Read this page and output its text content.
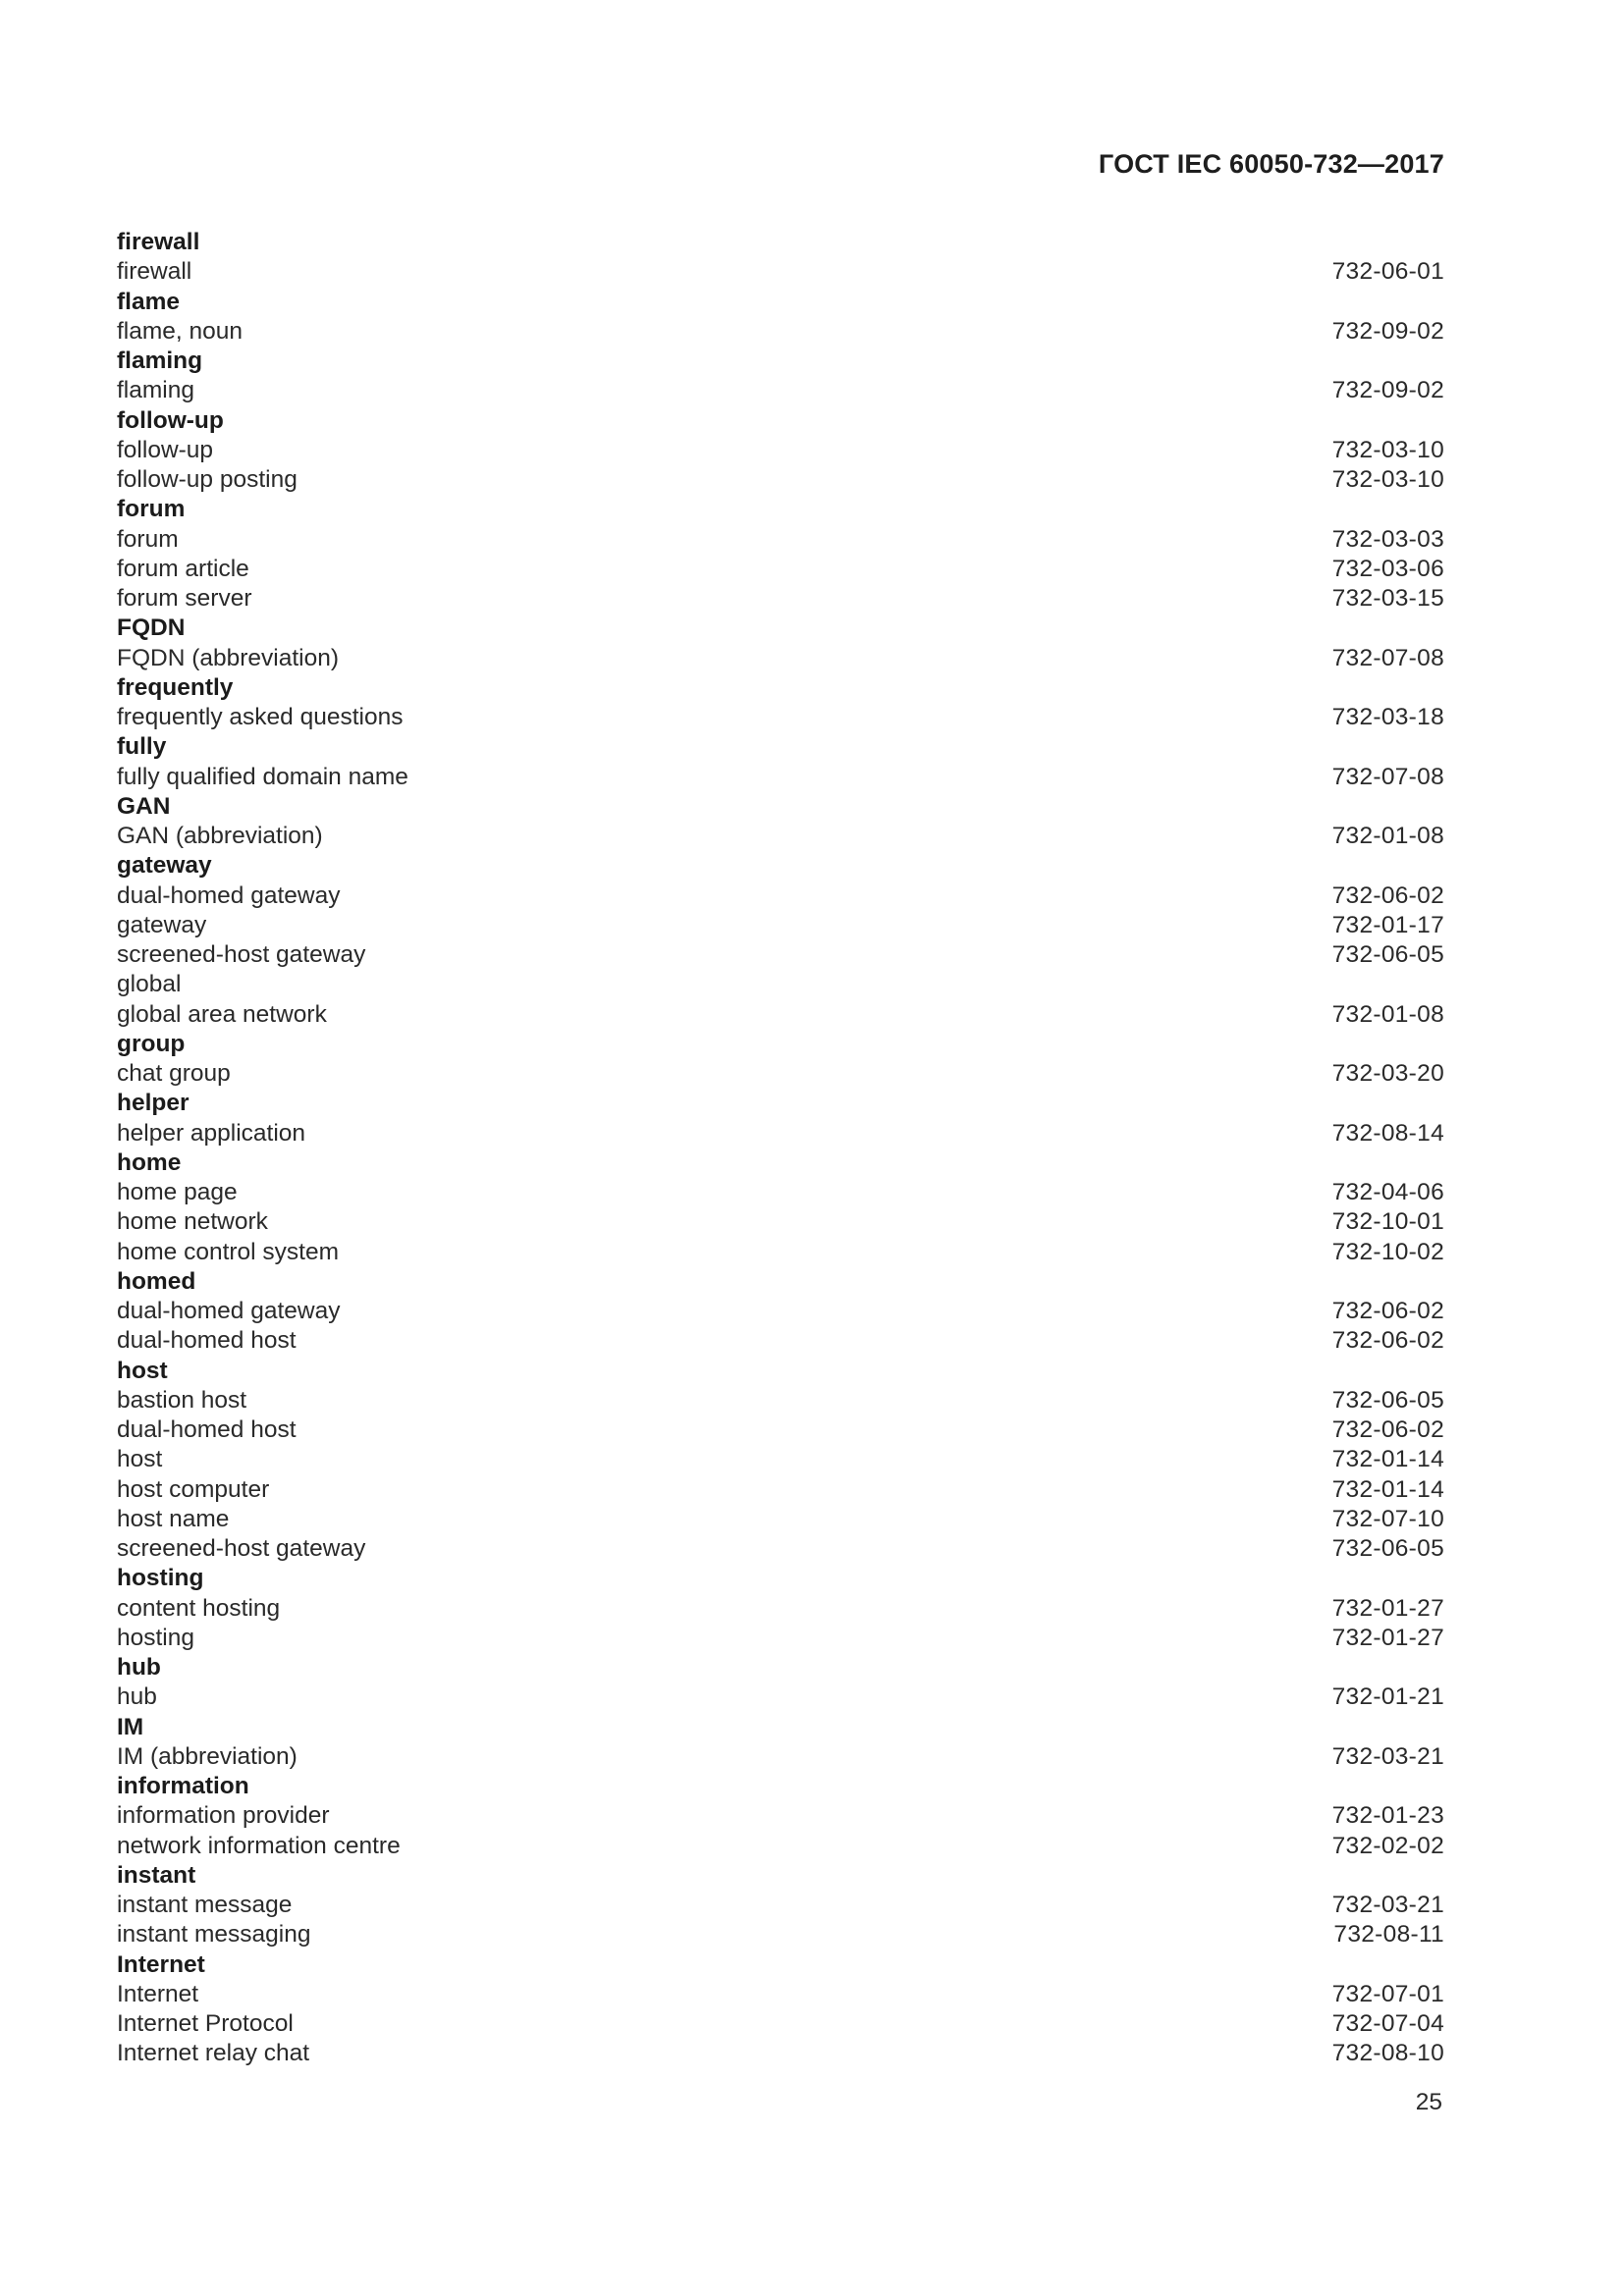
ГОСТ IEC 60050-732—2017
firewall
firewall	732-06-01
flame
flame, noun	732-09-02
flaming
flaming	732-09-02
follow-up
follow-up	732-03-10
follow-up posting	732-03-10
forum
forum	732-03-03
forum article	732-03-06
forum server	732-03-15
FQDN
FQDN (abbreviation)	732-07-08
frequently
frequently asked questions	732-03-18
fully
fully qualified domain name	732-07-08
GAN
GAN (abbreviation)	732-01-08
gateway
dual-homed gateway	732-06-02
gateway	732-01-17
screened-host gateway	732-06-05
global
global area network	732-01-08
group
chat group	732-03-20
helper
helper application	732-08-14
home
home page	732-04-06
home network	732-10-01
home control system	732-10-02
homed
dual-homed gateway	732-06-02
dual-homed host	732-06-02
host
bastion host	732-06-05
dual-homed host	732-06-02
host	732-01-14
host computer	732-01-14
host name	732-07-10
screened-host gateway	732-06-05
hosting
content hosting	732-01-27
hosting	732-01-27
hub
hub	732-01-21
IM
IM (abbreviation)	732-03-21
information
information provider	732-01-23
network information centre	732-02-02
instant
instant message	732-03-21
instant messaging	732-08-11
Internet
Internet	732-07-01
Internet Protocol	732-07-04
Internet relay chat	732-08-10
25
